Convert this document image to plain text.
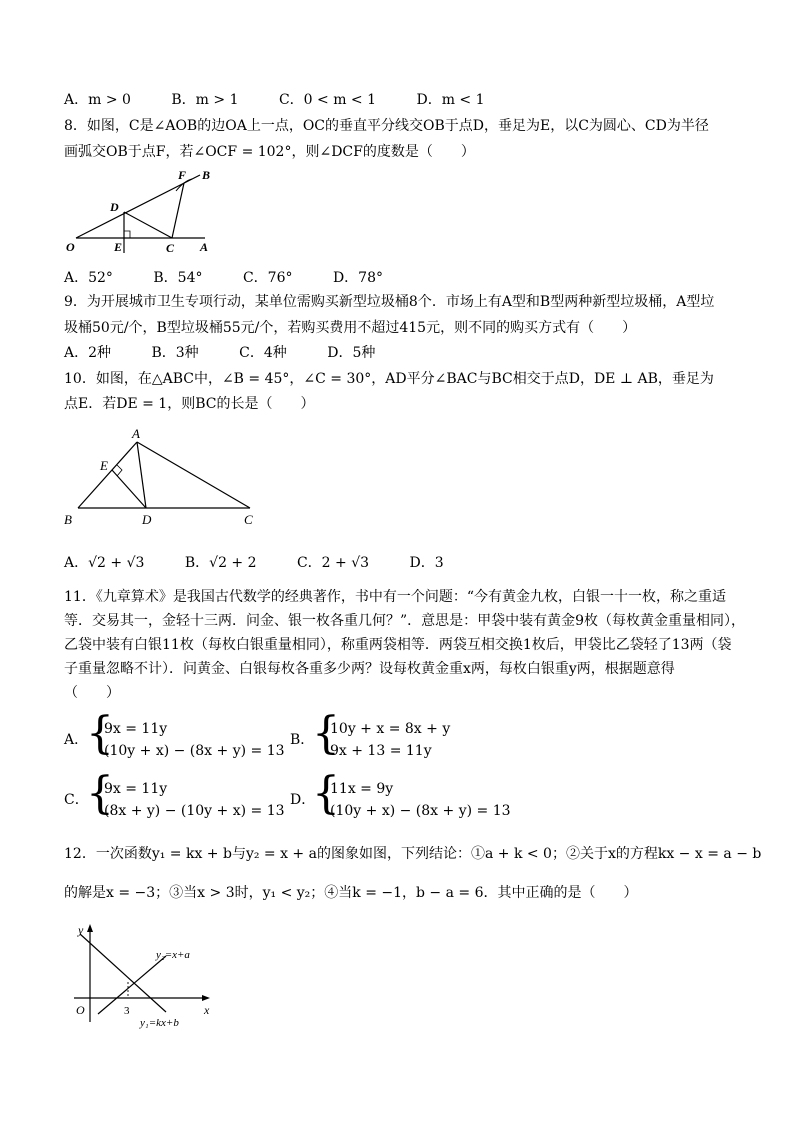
A．m > 0	B．m > 1	C．0 < m < 1	D．m < 1
8．如图，C是∠AOB的边OA上一点，OC的垂直平分线交OB于点D，垂足为E，以C为圆心、CD为半径
画弧交OB于点F，若∠OCF = 102°，则∠DCF的度数是（　　）
F B
D
O	E	C A
A．52°	B．54°	C．76°	D．78°
9．为开展城市卫生专项行动，某单位需购买新型垃圾桶8个．市场上有A型和B型两种新型垃圾桶，A型垃
圾桶50元/个，B型垃圾桶55元/个，若购买费用不超过415元，则不同的购买方式有（　　）
A．2种	B．3种	C．4种	D．5种
10．如图，在△ABC中，∠B = 45°，∠C = 30°，AD平分∠BAC与BC相交于点D，DE ⊥ AB，垂足为
点E．若DE = 1，则BC的长是（　　）
A
E
B	D	C
A．√2 + √3	B．√2 + 2	C．2 + √3	D．3
11．《九章算术》是我国古代数学的经典著作，书中有一个问题：“今有黄金九枚，白银一十一枚，称之重适
等．交易其一，金轻十三两．问金、银一枚各重几何？”．意思是：甲袋中装有黄金9枚（每枚黄金重量相同），
乙袋中装有白银11枚（每枚白银重量相同），称重两袋相等．两袋互相交换1枚后，甲袋比乙袋轻了13两（袋
子重量忽略不计）．问黄金、白银每枚各重多少两？设每枚黄金重x两，每枚白银重y两，根据题意得
（　　）
A．
{
9x = 11y
(10y + x) − (8x + y) = 13
B．
{
10y + x = 8x + y
9x + 13 = 11y
C．
{
9x = 11y
(8x + y) − (10y + x) = 13
D．
{
11x = 9y
(10y + x) − (8x + y) = 13
12．一次函数y₁ = kx + b与y₂ = x + a的图象如图，下列结论：①a + k < 0；②关于x的方程kx − x = a − b
的解是x = −3；③当x > 3时，y₁ < y₂；④当k = −1，b − a = 6．其中正确的是（　　）
y
x
O	3
y₂=x+a
y₁=kx+b
